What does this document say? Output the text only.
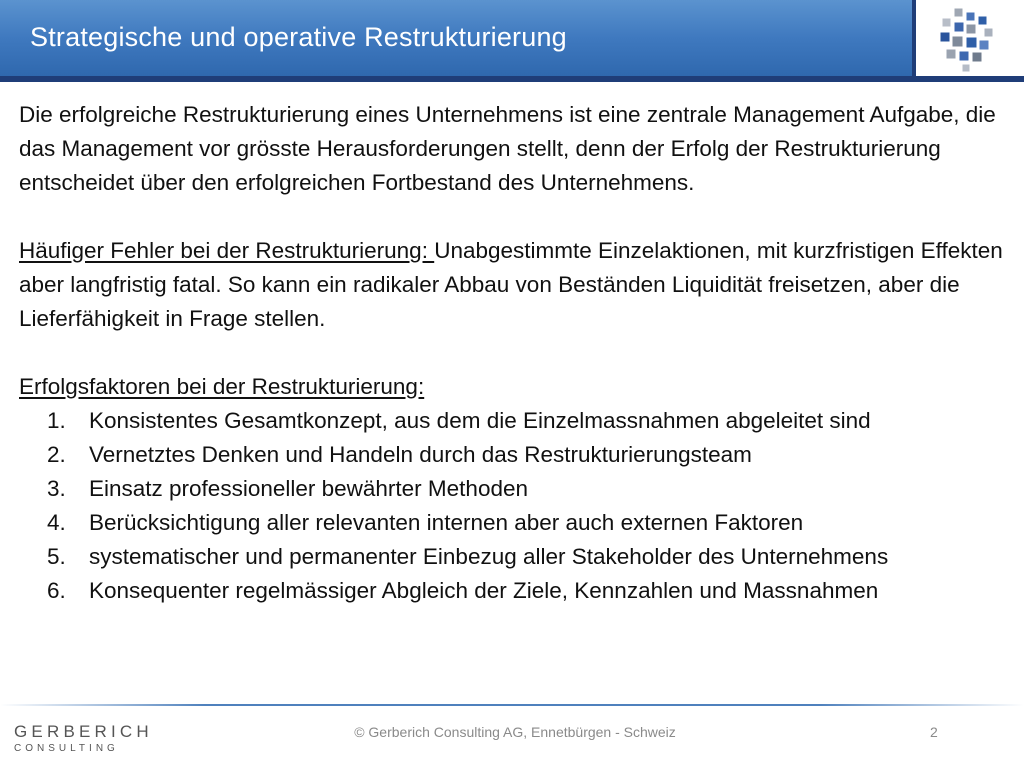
Strategische und operative Restrukturierung

Die erfolgreiche Restrukturierung eines Unternehmens ist eine zentrale Management Aufgabe, die das Management vor grösste Herausforderungen stellt, denn der Erfolg der Restrukturierung entscheidet über den erfolgreichen Fortbestand des Unternehmens.

Häufiger Fehler bei der Restrukturierung: Unabgestimmte Einzelaktionen, mit kurzfristigen Effekten aber langfristig fatal. So kann ein radikaler Abbau von Beständen Liquidität freisetzen, aber die Lieferfähigkeit in Frage stellen.

Erfolgsfaktoren bei der Restrukturierung:

1. Konsistentes Gesamtkonzept, aus dem die Einzelmassnahmen abgeleitet sind
2. Vernetztes Denken und Handeln durch das Restrukturierungsteam
3. Einsatz professioneller bewährter Methoden
4. Berücksichtigung aller relevanten internen aber auch externen Faktoren
5. systematischer und permanenter Einbezug aller Stakeholder des Unternehmens
6. Konsequenter regelmässiger Abgleich der Ziele, Kennzahlen und Massnahmen
GERBERICH
CONSULTING
© Gerberich Consulting AG, Ennetbürgen - Schweiz	2
